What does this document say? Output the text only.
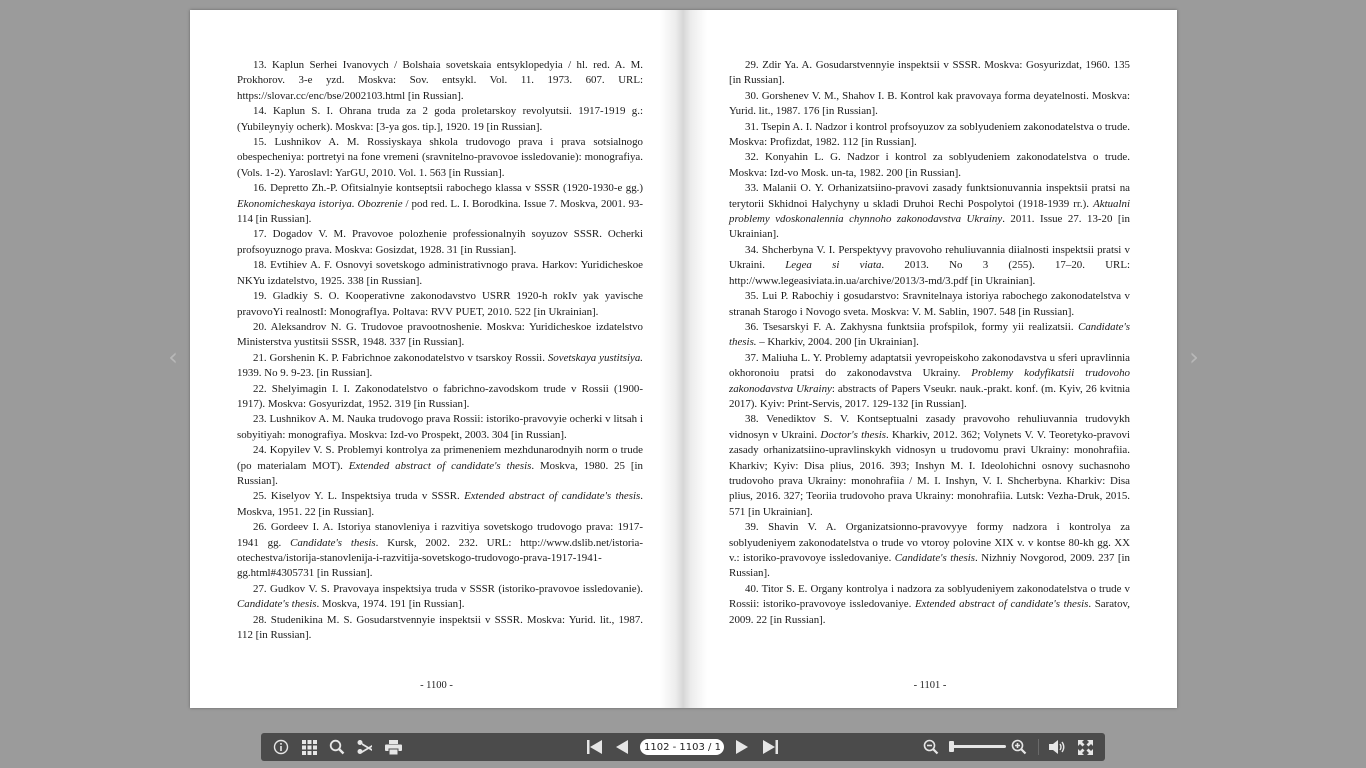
13. Kaplun Serhei Ivanovych / Bolshaia sovetskaia entsyklopedyia / hl. red. A. M. Prokhorov. 3-e yzd. Moskva: Sov. entsykl. Vol. 11. 1973. 607. URL: https://slovar.cc/enc/bse/2002103.html [in Russian].

14. Kaplun S. I. Ohrana truda za 2 goda proletarskoy revolyutsii. 1917-1919 g.: (Yubileynyiy ocherk). Moskva: [3-ya gos. tip.], 1920. 19 [in Russian].

15. Lushnikov A. M. Rossiyskaya shkola trudovogo prava i prava sotsialnogo obespecheniya: portretyi na fone vremeni (sravnitelno-pravovoe issledovanie): monografiya. (Vols. 1-2). Yaroslavl: YarGU, 2010. Vol. 1. 563 [in Russian].

16. Depretto Zh.-P. Ofitsialnyie kontseptsii rabochego klassa v SSSR (1920-1930-e gg.) Ekonomicheskaya istoriya. Obozrenie / pod red. L. I. Borodkina. Issue 7. Moskva, 2001. 93-114 [in Russian].

17. Dogadov V. M. Pravovoe polozhenie professionalnyih soyuzov SSSR. Ocherki profsoyuznogo prava. Moskva: Gosizdat, 1928. 31 [in Russian].

18. Evtihiev A. F. Osnovyi sovetskogo administrativnogo prava. Harkov: Yuridicheskoe NKYu izdatelstvo, 1925. 338 [in Russian].

19. Gladkiy S. O. Kooperativne zakonodavstvo USRR 1920-h rokIv yak yavische pravovoYi realnostI: MonografIya. Poltava: RVV PUET, 2010. 522 [in Ukrainian].

20. Aleksandrov N. G. Trudovoe pravootnoshenie. Moskva: Yuridicheskoe izdatelstvo Ministerstva yustitsii SSSR, 1948. 337 [in Russian].

21. Gorshenin K. P. Fabrichnoe zakonodatelstvo v tsarskoy Rossii. Sovetskaya yustitsiya. 1939. No 9. 9-23. [in Russian].

22. Shelyimagin I. I. Zakonodatelstvo o fabrichno-zavodskom trude v Rossii (1900-1917). Moskva: Gosyurizdat, 1952. 319 [in Russian].

23. Lushnikov A. M. Nauka trudovogo prava Rossii: istoriko-pravovyie ocherki v litsah i sobyitiyah: monografiya. Moskva: Izd-vo Prospekt, 2003. 304 [in Russian].

24. Kopyilev V. S. Problemyi kontrolya za primeneniem mezhdunarodnyih norm o trude (po materialam MOT). Extended abstract of candidate's thesis. Moskva, 1980. 25 [in Russian].

25. Kiselyov Y. L. Inspektsiya truda v SSSR. Extended abstract of candidate's thesis. Moskva, 1951. 22 [in Russian].

26. Gordeev I. A. Istoriya stanovleniya i razvitiya sovetskogo trudovogo prava: 1917-1941 gg. Candidate's thesis. Kursk, 2002. 232. URL: http://www.dslib.net/istoria-otechestva/istorija-stanovlenija-i-razvitija-sovetskogo-trudovogo-prava-1917-1941-gg.html#4305731 [in Russian].

27. Gudkov V. S. Pravovaya inspektsiya truda v SSSR (istoriko-pravovoe issledovanie). Candidate's thesis. Moskva, 1974. 191 [in Russian].

28. Studenikina M. S. Gosudarstvennyie inspektsii v SSSR. Moskva: Yurid. lit., 1987. 112 [in Russian].

- 1100 -

29. Zdir Ya. A. Gosudarstvennyie inspektsii v SSSR. Moskva: Gosyurizdat, 1960. 135 [in Russian].

30. Gorshenev V. M., Shahov I. B. Kontrol kak pravovaya forma deyatelnosti. Moskva: Yurid. lit., 1987. 176 [in Russian].

31. Tsepin A. I. Nadzor i kontrol profsoyuzov za soblyudeniem zakonodatelstva o trude. Moskva: Profizdat, 1982. 112 [in Russian].

32. Konyahin L. G. Nadzor i kontrol za soblyudeniem zakonodatelstva o trude. Moskva: Izd-vo Mosk. un-ta, 1982. 200 [in Russian].

33. Malanii O. Y. Orhanizatsiino-pravovi zasady funktsionuvannia inspektsii pratsi na terytorii Skhidnoi Halychyny u skladi Druhoi Rechi Pospolytoi (1918-1939 rr.). Aktualni problemy vdoskonalennia chynnoho zakonodavstva Ukrainy. 2011. Issue 27. 13-20 [in Ukrainian].

34. Shcherbyna V. I. Perspektyvy pravovoho rehuliuvannia diialnosti inspektsii pratsi v Ukraini. Legea si viata. 2013. No 3 (255). 17–20. URL: http://www.legeasiviata.in.ua/archive/2013/3-md/3.pdf [in Ukrainian].

35. Lui P. Rabochiy i gosudarstvo: Sravnitelnaya istoriya rabochego zakonodatelstva v stranah Starogo i Novogo sveta. Moskva: V. M. Sablin, 1907. 548 [in Russian].

36. Tsesarskyi F. A. Zakhysna funktsiia profspilok, formy yii realizatsii. Candidate's thesis. – Kharkiv, 2004. 200 [in Ukrainian].

37. Maliuha L. Y. Problemy adaptatsii yevropeiskoho zakonodavstva u sferi upravlinnia okhoronoiu pratsi do zakonodavstva Ukrainy. Problemy kodyfikatsii trudovoho zakonodavstva Ukrainy: abstracts of Papers Vseukr. nauk.-prakt. konf. (m. Kyiv, 26 kvitnia 2017). Kyiv: Print-Servis, 2017. 129-132 [in Russian].

38. Venediktov S. V. Kontseptualni zasady pravovoho rehuliuvannia trudovykh vidnosyn v Ukraini. Doctor's thesis. Kharkiv, 2012. 362; Volynets V. V. Teoretyko-pravovi zasady orhanizatsiino-upravlinskykh vidnosyn u trudovomu pravi Ukrainy: monohrafiia. Kharkiv; Kyiv: Disa plius, 2016. 393; Inshyn M. I. Ideolohichni osnovy suchasnoho trudovoho prava Ukrainy: monohrafiia / M. I. Inshyn, V. I. Shcherbyna. Kharkiv: Disa plius, 2016. 327; Teoriia trudovoho prava Ukrainy: monohrafiia. Lutsk: Vezha-Druk, 2015. 571 [in Ukrainian].

39. Shavin V. A. Organizatsionno-pravovyye formy nadzora i kontrolya za soblyudeniyem zakonodatelstva o trude vo vtoroy polovine XIX v. v kontse 80-kh gg. XX v.: istoriko-pravovoye issledovaniye. Candidate's thesis. Nizhniy Novgorod, 2009. 237 [in Russian].

40. Titor S. E. Organy kontrolya i nadzora za soblyudeniyem zakonodatelstva o trude v Rossii: istoriko-pravovoye issledovaniye. Extended abstract of candidate's thesis. Saratov, 2009. 22 [in Russian].

- 1101 -
‹	›
1102 - 1103 / 1140
